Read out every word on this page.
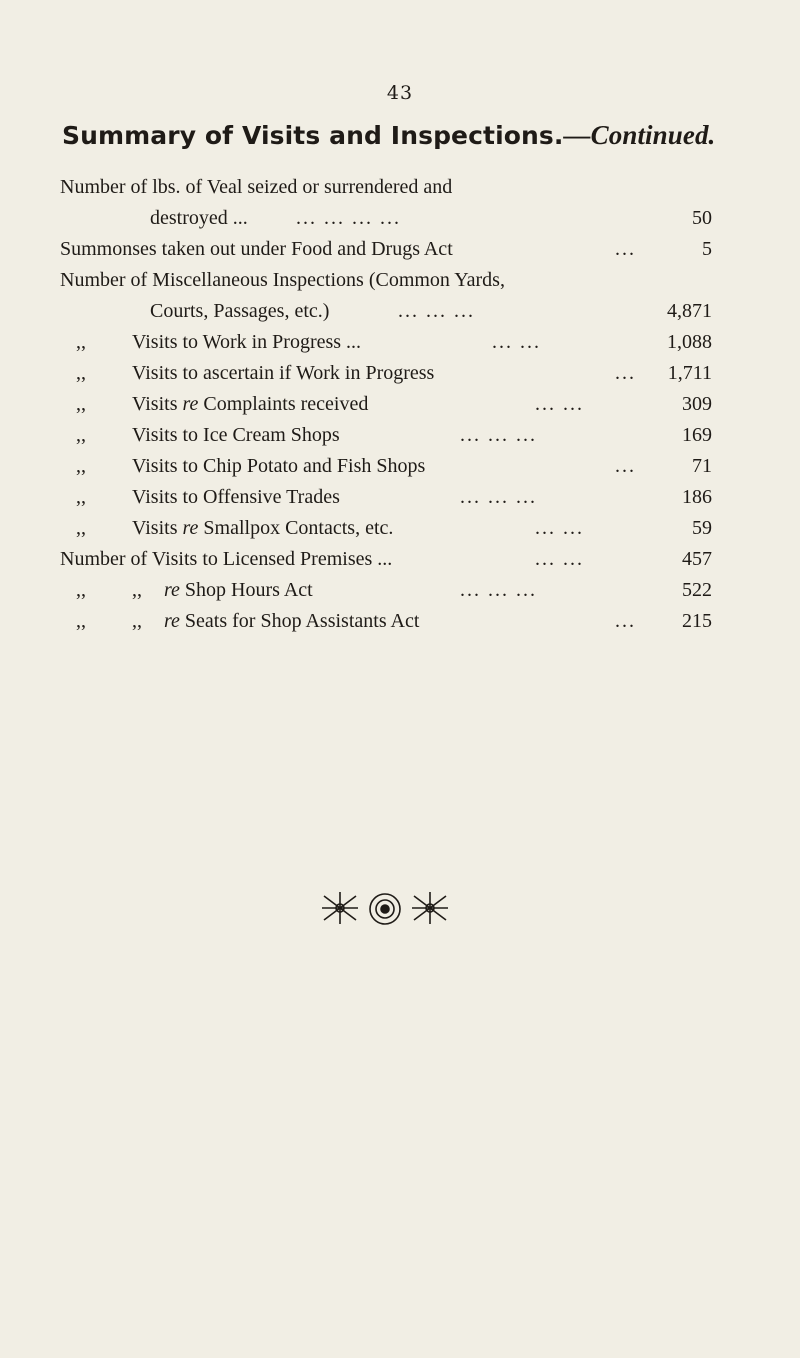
43
Summary of Visits and Inspections.—Continued.
Number of lbs. of Veal seized or surrendered and
destroyed ... ... ... ... ...	50
Summonses taken out under Food and Drugs Act	...	5
Number of Miscellaneous Inspections (Common Yards,
Courts, Passages, etc.)	... ... ...	4,871
,, Visits to Work in Progress ...	... ...	1,088
,, Visits to ascertain if Work in Progress	... 1,711
,, Visits re Complaints received	... ...	309
,, Visits to Ice Cream Shops	... ... ...	169
,, Visits to Chip Potato and Fish Shops	...	71
,, Visits to Offensive Trades	... ... ...	186
,, Visits re Smallpox Contacts, etc.	... ...	59
Number of Visits to Licensed Premises ...	... ...	457
,, ,, re Shop Hours Act	... ... ...	522
,, ,, re Seats for Shop Assistants Act	... 215
